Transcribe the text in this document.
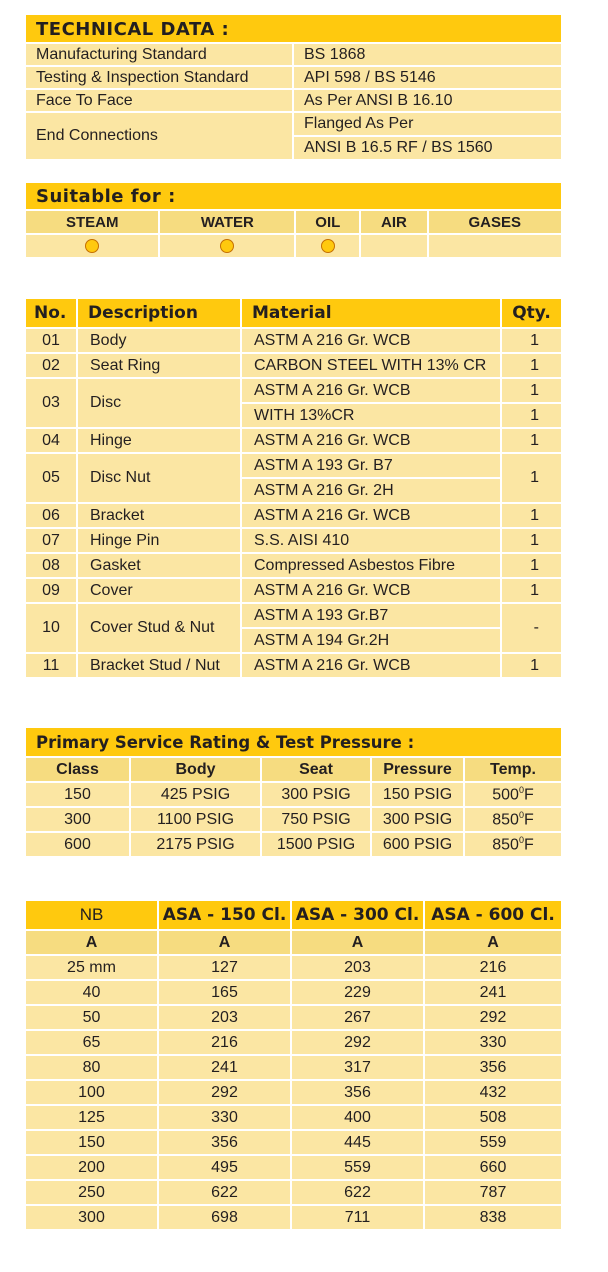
TECHNICAL DATA :
Manufacturing Standard	BS 1868
Testing & Inspection Standard	API 598 / BS 5146
Face To Face	As Per ANSI B 16.10
End Connections	Flanged As Per
	ANSI B 16.5 RF / BS 1560
Suitable for :
STEAM	WATER	OIL	AIR	GASES

No.	Description	Material	Qty.
01	Body	ASTM A 216 Gr. WCB	1
02	Seat Ring	CARBON STEEL WITH 13% CR	1
03	Disc	ASTM A 216 Gr. WCB	1
		WITH 13%CR	1
04	Hinge	ASTM A 216 Gr. WCB	1
05	Disc Nut	ASTM A 193 Gr. B7	1
		ASTM A 216 Gr. 2H	
06	Bracket	ASTM A 216 Gr. WCB	1
07	Hinge Pin	S.S. AISI 410	1
08	Gasket	Compressed Asbestos Fibre	1
09	Cover	ASTM A 216 Gr. WCB	1
10	Cover Stud & Nut	ASTM A 193 Gr.B7	-
		ASTM A 194 Gr.2H	
11	Bracket Stud / Nut	ASTM A 216 Gr. WCB	1
Primary Service Rating & Test Pressure :
Class	Body	Seat	Pressure	Temp.
150	425 PSIG	300 PSIG	150 PSIG	$500^0F$
300	1100 PSIG	750 PSIG	300 PSIG	$850^0F$
600	2175 PSIG	1500 PSIG	600 PSIG	$850^0F$
NB	ASA - 150 Cl.	ASA - 300 Cl.	ASA - 600 Cl.
A	A	A	A
25 mm	127	203	216
40	165	229	241
50	203	267	292
65	216	292	330
80	241	317	356
100	292	356	432
125	330	400	508
150	356	445	559
200	495	559	660
250	622	622	787
300	698	711	838
